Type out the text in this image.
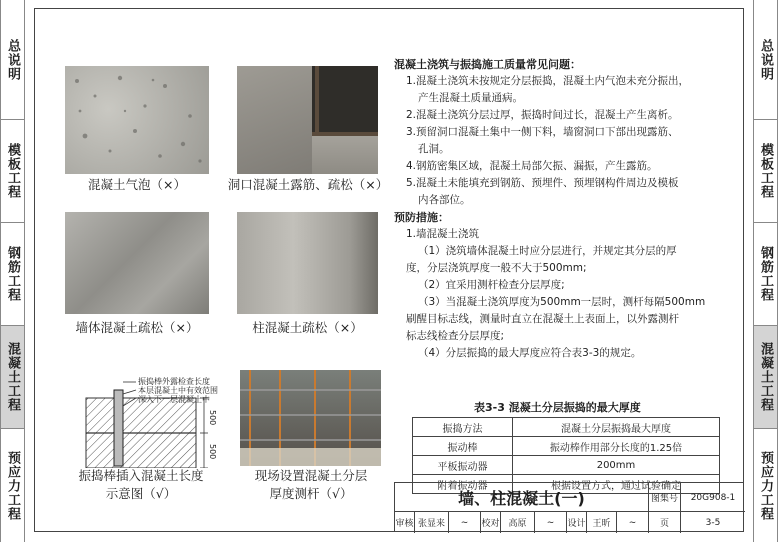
总说明
模板工程
钢筋工程
混凝土工程
预应力工程
总说明
模板工程
钢筋工程
混凝土工程
预应力工程
混凝土气泡（×）	洞口混凝土露筋、疏松（×）
墙体混凝土疏松（×）	柱混凝土疏松（×）
振捣棒外露检查长度
本层混凝土中有效范围
深入下一层混凝土中
500
500
振捣棒插入混凝土长度
示意图（√）
现场设置混凝土分层
厚度测杆（√）
混凝土浇筑与振捣施工质量常见问题：
1.混凝土浇筑未按规定分层振捣，混凝土内气泡未充分振出，
产生混凝土质量通病。
2.混凝土浇筑分层过厚，振捣时间过长，混凝土产生离析。
3.预留洞口混凝土集中一侧下料，墙窗洞口下部出现露筋、
孔洞。
4.钢筋密集区域，混凝土局部欠振、漏振，产生露筋。
5.混凝土未能填充到钢筋、预埋件、预埋钢构件周边及模板
内各部位。
预防措施：
1.墙混凝土浇筑
（1）浇筑墙体混凝土时应分层进行，并规定其分层的厚
度，分层浇筑厚度一般不大于500mm;
（2）宜采用测杆检查分层厚度;
（3）当混凝土浇筑厚度为500mm一层时，测杆每隔500mm
刷醒目标志线，测量时直立在混凝土上表面上，以外露测杆
标志线检查分层厚度;
（4）分层振捣的最大厚度应符合表3-3的规定。
表3-3 混凝土分层振捣的最大厚度
振捣方法	混凝土分层振捣最大厚度
振动棒	振动棒作用部分长度的1.25倍
平板振动器	200mm
附着振动器	根据设置方式，通过试验确定
墙、柱混凝土(一)	图集号	20G908-1
审核 张显来	~	校对 高原	~	设计 王昕	~	页	3-5
